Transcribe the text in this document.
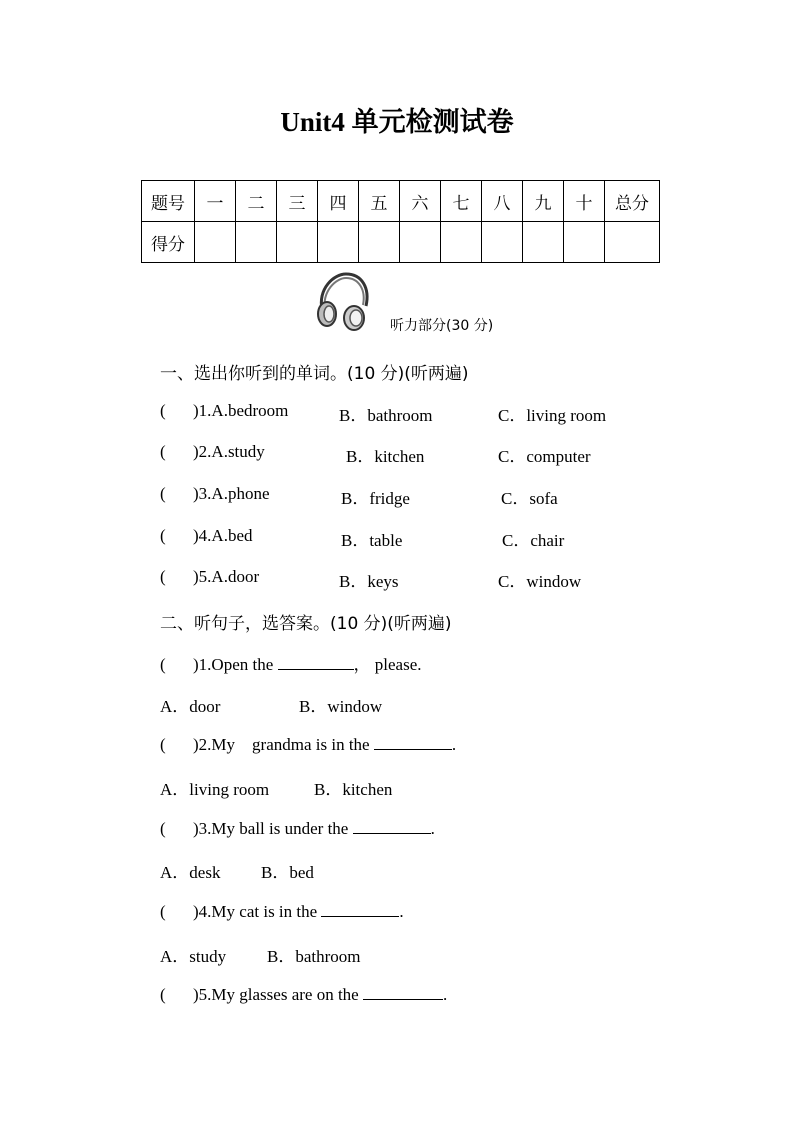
Unit4 单元检测试卷
题号	一	二	三	四	五	六	七	八	九	十	总分
得分											
听力部分(30 分)
一、选出你听到的单词。(10 分)(听两遍)
( )1.A.bedroom	B．bathroom	C．living room
( )2.A.study	B．kitchen	C．computer
( )3.A.phone	B．fridge	C．sofa
( )4.A.bed	B．table	C．chair
( )5.A.door	B．keys	C．window
二、听句子，选答案。(10 分)(听两遍)
( )1.Open the	， please.
A．door	B．window
( )2.My    grandma is in the	.
A．living room	B．kitchen
( )3.My ball is under the	.
A．desk B．bed
( )4.My cat is in the	.
A．study B．bathroom
( )5.My glasses are on the	.
